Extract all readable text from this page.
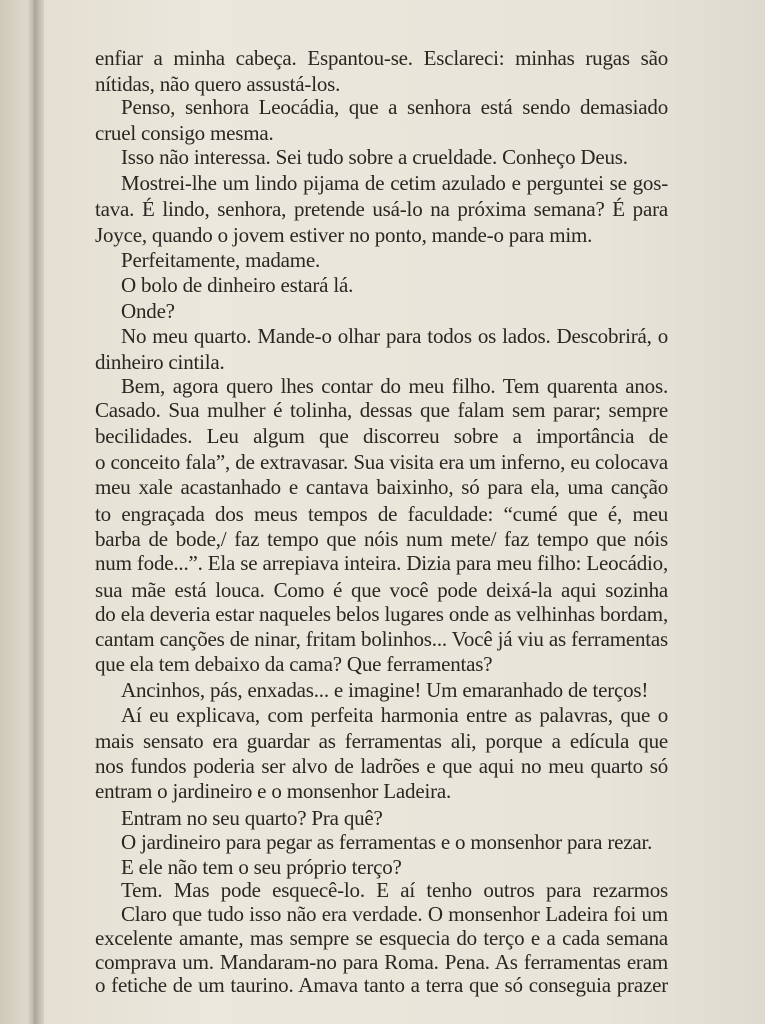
enfiar a minha cabeça. Espantou-se. Esclareci: minhas rugas são
nítidas, não quero assustá-los.
Penso, senhora Leocádia, que a senhora está sendo demasiado
cruel consigo mesma.
Isso não interessa. Sei tudo sobre a crueldade. Conheço Deus.
Mostrei-lhe um lindo pijama de cetim azulado e perguntei se gos-
tava. É lindo, senhora, pretende usá-lo na próxima semana? É para
Joyce, quando o jovem estiver no ponto, mande-o para mim.
Perfeitamente, madame.
O bolo de dinheiro estará lá.
Onde?
No meu quarto. Mande-o olhar para todos os lados. Descobrirá, o
dinheiro cintila.
Bem, agora quero lhes contar do meu filho. Tem quarenta anos.
Casado. Sua mulher é tolinha, dessas que falam sem parar; sempre
becilidades. Leu algum que discorreu sobre a importância de
o conceito fala”, de extravasar. Sua visita era um inferno, eu colocava
meu xale acastanhado e cantava baixinho, só para ela, uma canção
to engraçada dos meus tempos de faculdade: “cumé que é, meu
barba de bode,/ faz tempo que nóis num mete/ faz tempo que nóis
num fode...”. Ela se arrepiava inteira. Dizia para meu filho: Leocádio,
sua mãe está louca. Como é que você pode deixá-la aqui sozinha
do ela deveria estar naqueles belos lugares onde as velhinhas bordam,
cantam canções de ninar, fritam bolinhos... Você já viu as ferramentas
que ela tem debaixo da cama? Que ferramentas?
Ancinhos, pás, enxadas... e imagine! Um emaranhado de terços!
Aí eu explicava, com perfeita harmonia entre as palavras, que o
mais sensato era guardar as ferramentas ali, porque a edícula que
nos fundos poderia ser alvo de ladrões e que aqui no meu quarto só
entram o jardineiro e o monsenhor Ladeira.
Entram no seu quarto? Pra quê?
O jardineiro para pegar as ferramentas e o monsenhor para rezar.
E ele não tem o seu próprio terço?
Tem. Mas pode esquecê-lo. E aí tenho outros para rezarmos
Claro que tudo isso não era verdade. O monsenhor Ladeira foi um
excelente amante, mas sempre se esquecia do terço e a cada semana
comprava um. Mandaram-no para Roma. Pena. As ferramentas eram
o fetiche de um taurino. Amava tanto a terra que só conseguia prazer
